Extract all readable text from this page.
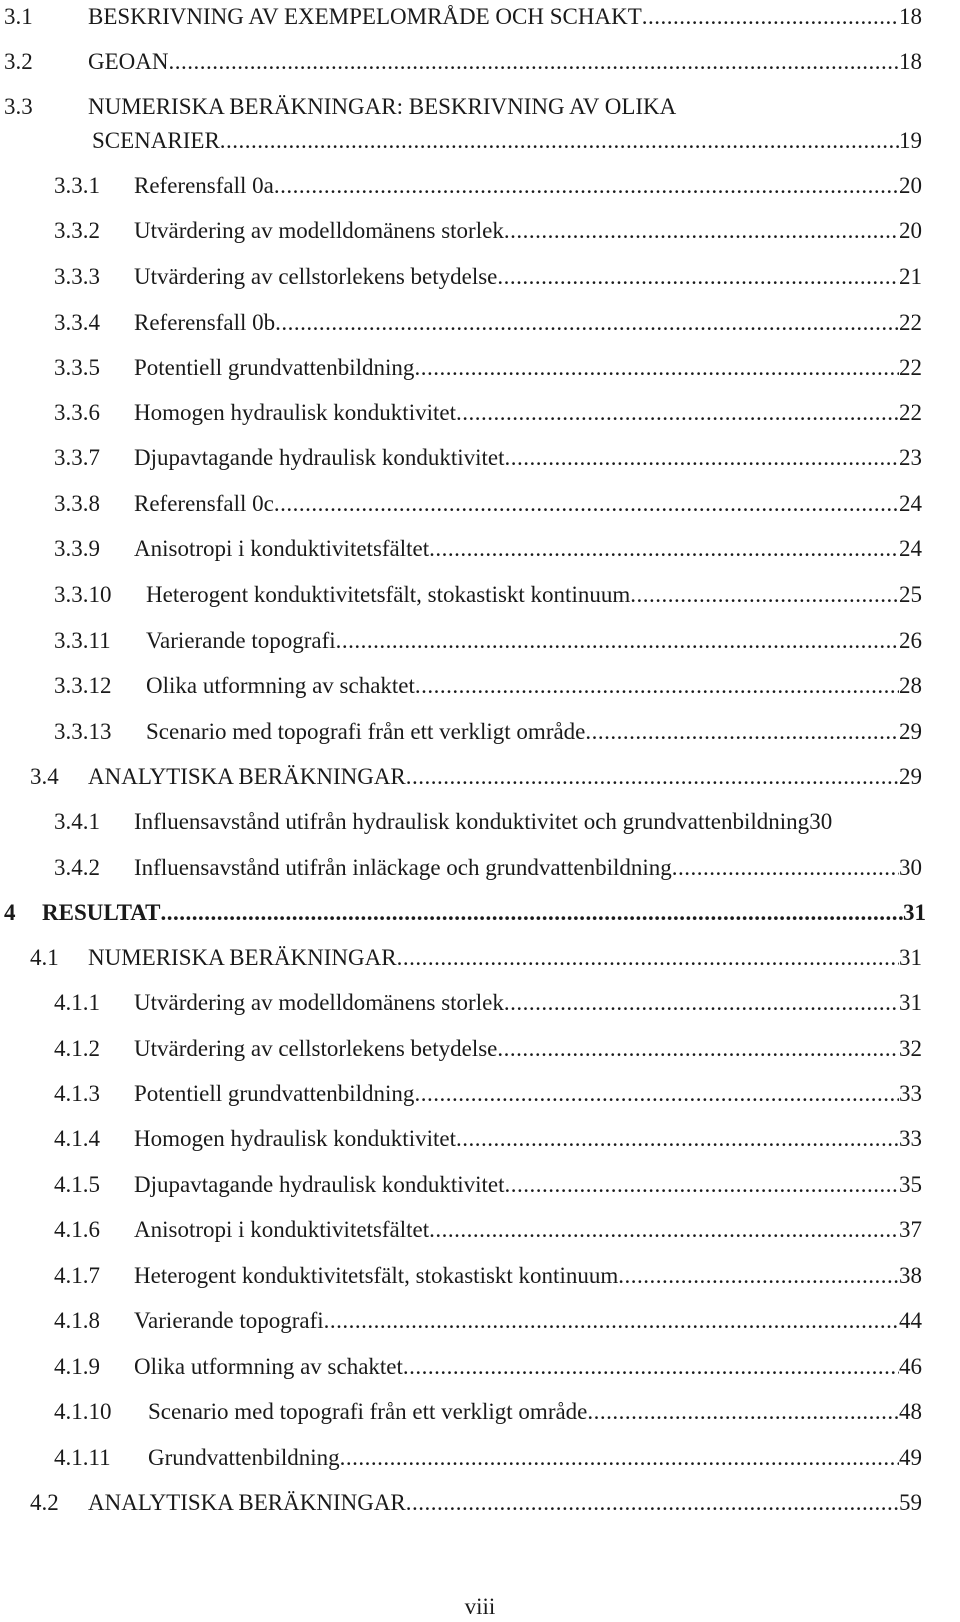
3.1 BESKRIVNING AV EXEMPELOMRÅDE OCH SCHAKT .....	18
3.2 GEOAN .....	18
3.3 NUMERISKA BERÄKNINGAR: BESKRIVNING AV OLIKA
SCENARIER .....	19
3.3.1 Referensfall 0a .....	20
3.3.2 Utvärdering av modelldomänens storlek .....	20
3.3.3 Utvärdering av cellstorlekens betydelse .....	21
3.3.4 Referensfall 0b .....	22
3.3.5 Potentiell grundvattenbildning .....	22
3.3.6 Homogen hydraulisk konduktivitet .....	22
3.3.7 Djupavtagande hydraulisk konduktivitet .....	23
3.3.8 Referensfall 0c .....	24
3.3.9 Anisotropi i konduktivitetsfältet .....	24
3.3.10 Heterogent konduktivitetsfält, stokastiskt kontinuum .....	25
3.3.11 Varierande topografi .....	26
3.3.12 Olika utformning av schaktet .....	28
3.3.13 Scenario med topografi från ett verkligt område .....	29
3.4 ANALYTISKA BERÄKNINGAR .....	29
3.4.1 Influensavstånd utifrån hydraulisk konduktivitet och grundvattenbildning 30
3.4.2 Influensavstånd utifrån inläckage och grundvattenbildning .....	30
4 RESULTAT .....	31
4.1 NUMERISKA BERÄKNINGAR .....	31
4.1.1 Utvärdering av modelldomänens storlek .....	31
4.1.2 Utvärdering av cellstorlekens betydelse .....	32
4.1.3 Potentiell grundvattenbildning .....	33
4.1.4 Homogen hydraulisk konduktivitet .....	33
4.1.5 Djupavtagande hydraulisk konduktivitet .....	35
4.1.6 Anisotropi i konduktivitetsfältet .....	37
4.1.7 Heterogent konduktivitetsfält, stokastiskt kontinuum .....	38
4.1.8 Varierande topografi .....	44
4.1.9 Olika utformning av schaktet .....	46
4.1.10 Scenario med topografi från ett verkligt område .....	48
4.1.11 Grundvattenbildning .....	49
4.2 ANALYTISKA BERÄKNINGAR .....	59
viii
